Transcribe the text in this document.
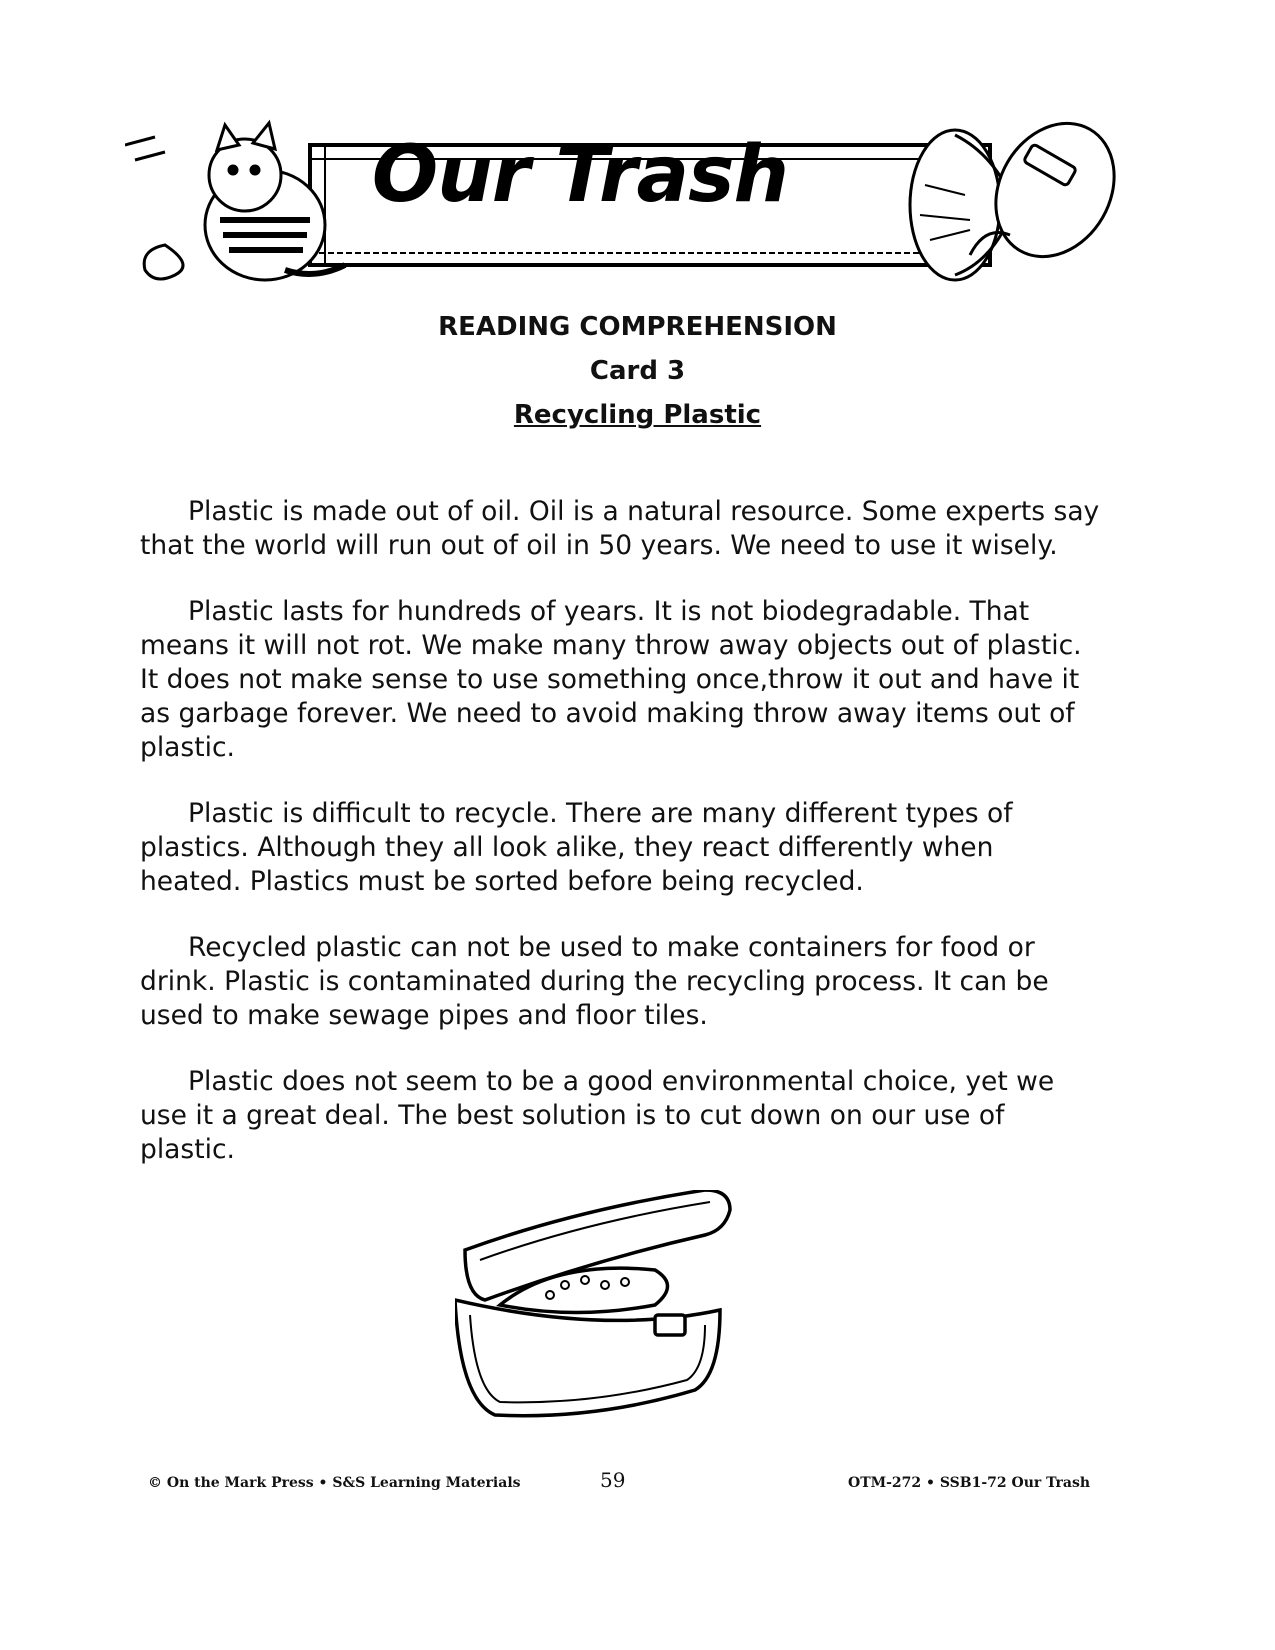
Our Trash
READING COMPREHENSION
Card 3
Recycling Plastic

Plastic is made out of oil. Oil is a natural resource. Some experts say that the world will run out of oil in 50 years. We need to use it wisely.

Plastic lasts for hundreds of years. It is not biodegradable. That means it will not rot. We make many throw away objects out of plastic. It does not make sense to use something once,throw it out and have it as garbage forever. We need to avoid making throw away items out of plastic.

Plastic is difficult to recycle. There are many different types of plastics. Although they all look alike, they react differently when heated. Plastics must be sorted before being recycled.

Recycled plastic can not be used to make containers for food or drink. Plastic is contaminated during the recycling process. It can be used to make sewage pipes and floor tiles.

Plastic does not seem to be a good environmental choice, yet we use it a great deal. The best solution is to cut down on our use of plastic.

© On the Mark Press • S&S Learning Materials	59	OTM-272 • SSB1-72 Our Trash
